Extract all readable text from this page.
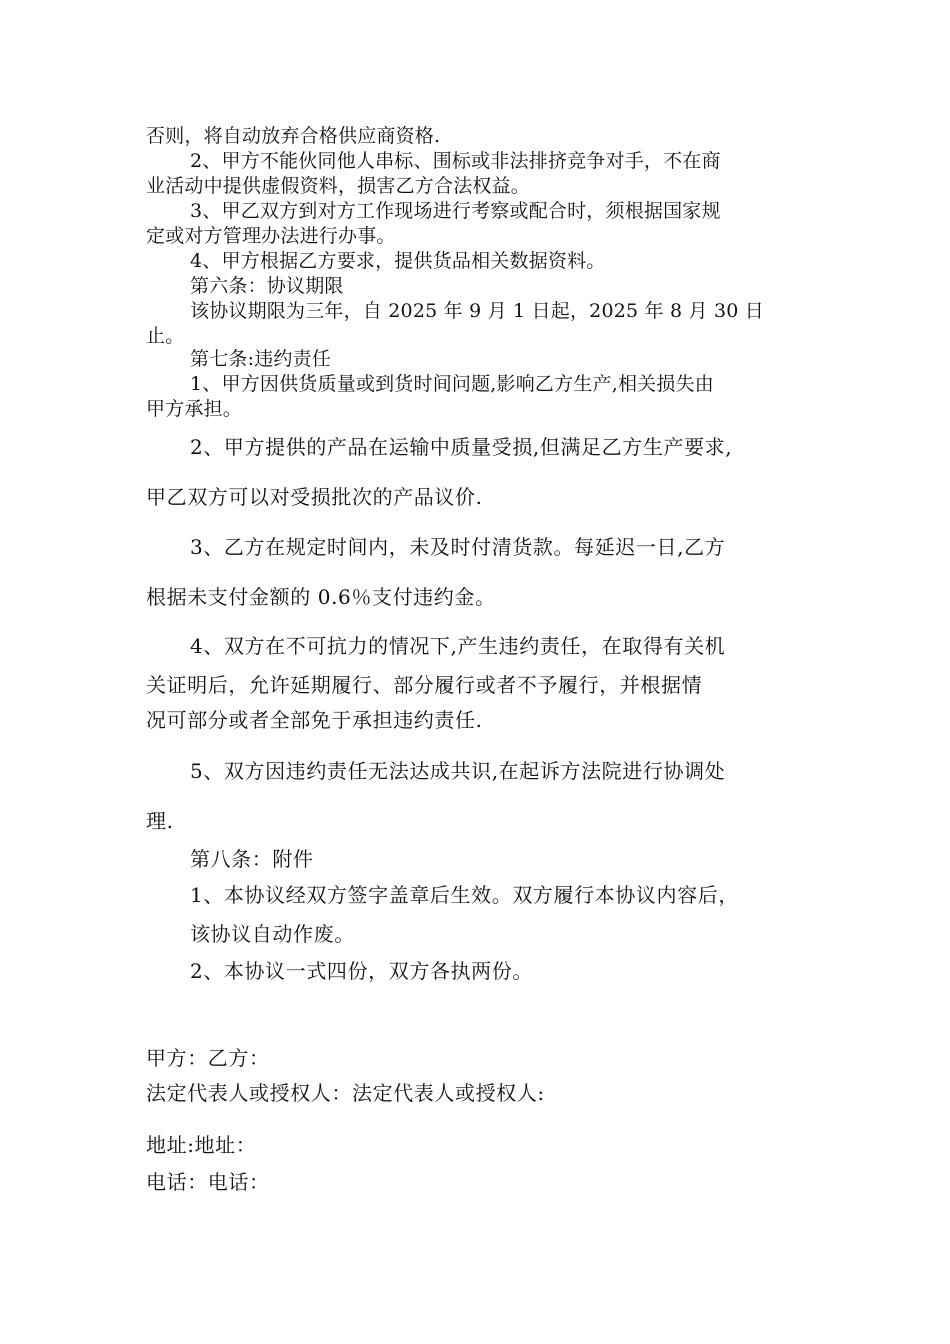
否则，将自动放弃合格供应商资格.
2、甲方不能伙同他人串标、围标或非法排挤竞争对手，不在商
业活动中提供虚假资料，损害乙方合法权益。
3、甲乙双方到对方工作现场进行考察或配合时，须根据国家规
定或对方管理办法进行办事。
4、甲方根据乙方要求，提供货品相关数据资料。
第六条：协议期限
该协议期限为三年，自 2025 年 9 月 1 日起，2025 年 8 月 30 日
止。
第七条:违约责任
1、甲方因供货质量或到货时间问题,影响乙方生产,相关损失由
甲方承担。
2、甲方提供的产品在运输中质量受损,但满足乙方生产要求,
甲乙双方可以对受损批次的产品议价.
3、乙方在规定时间内，未及时付清货款。每延迟一日,乙方
根据未支付金额的 0.6％支付违约金。
4、双方在不可抗力的情况下,产生违约责任，在取得有关机
关证明后，允许延期履行、部分履行或者不予履行，并根据情
况可部分或者全部免于承担违约责任.
5、双方因违约责任无法达成共识,在起诉方法院进行协调处
理.
第八条：附件
1、本协议经双方签字盖章后生效。双方履行本协议内容后，
该协议自动作废。
2、本协议一式四份，双方各执两份。
甲方：乙方：
法定代表人或授权人：法定代表人或授权人:
地址:地址：
电话：电话：
